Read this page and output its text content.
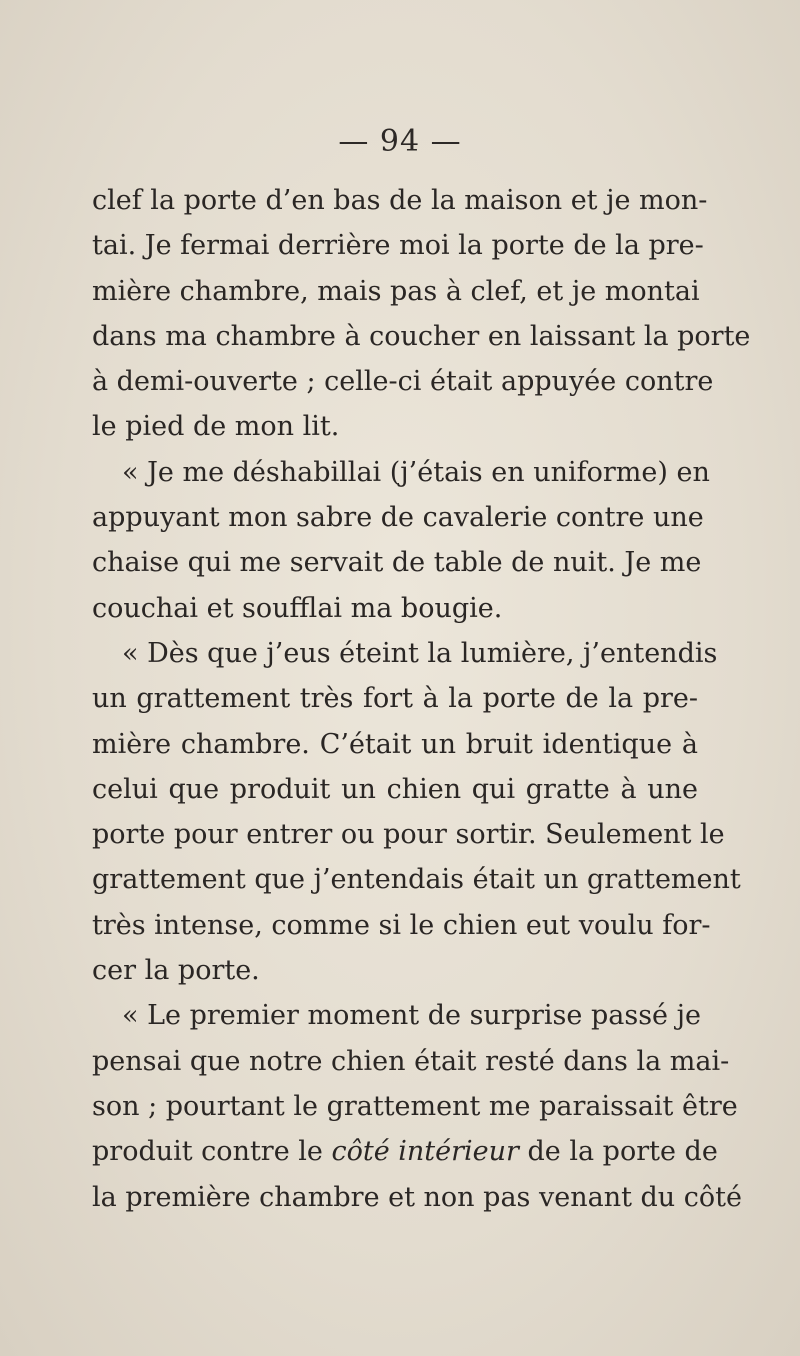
— 94 —
clef la porte d’en bas de la maison et je mon-
tai. Je fermai derrière moi la porte de la pre-
mière chambre, mais pas à clef, et je montai
dans ma chambre à coucher en laissant la porte
à demi-ouverte ; celle-ci était appuyée contre
le pied de mon lit.
« Je me déshabillai (j’étais en uniforme) en
appuyant mon sabre de cavalerie contre une
chaise qui me servait de table de nuit. Je me
couchai et soufflai ma bougie.
« Dès que j’eus éteint la lumière, j’entendis
un grattement très fort à la porte de la pre-
mière chambre. C’était un bruit identique à
celui que produit un chien qui gratte à une
porte pour entrer ou pour sortir. Seulement le
grattement que j’entendais était un grattement
très intense, comme si le chien eut voulu for-
cer la porte.
« Le premier moment de surprise passé je
pensai que notre chien était resté dans la mai-
son ; pourtant le grattement me paraissait être
produit contre le côté intérieur de la porte de
la première chambre et non pas venant du côté
